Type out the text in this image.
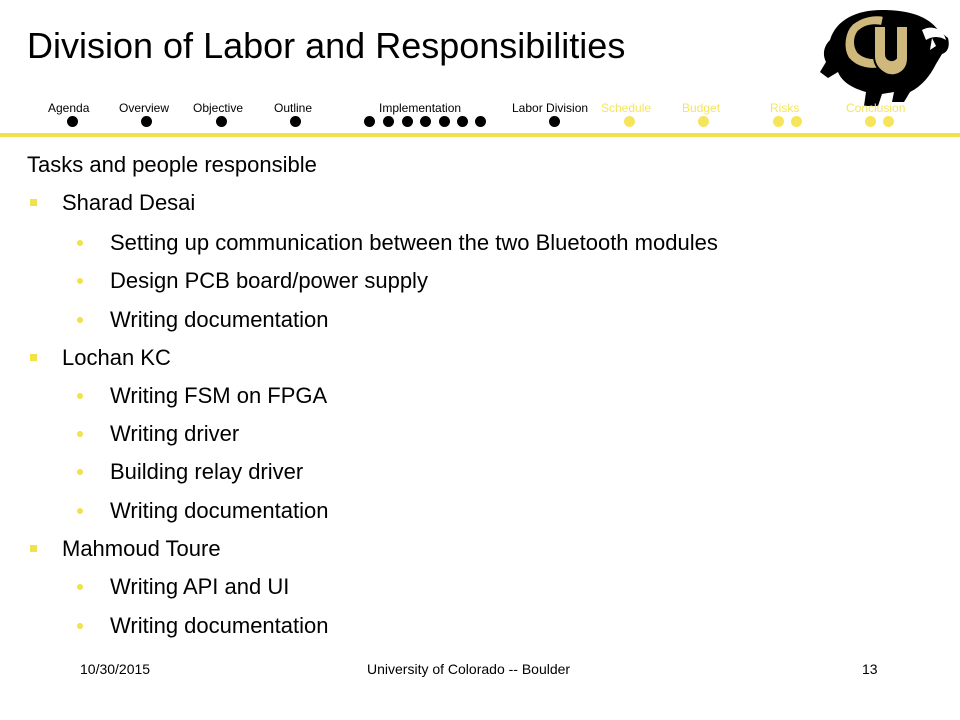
Division of Labor and Responsibilities
Agenda Overview Objective	Outline	Implementation	Labor Division Schedule	Budget	Risks	Conclusion
Tasks and people responsible
Sharad Desai
Setting up communication between the two Bluetooth modules
Design PCB board/power supply
Writing documentation
Lochan KC
Writing FSM on FPGA
Writing driver
Building relay driver
Writing documentation
Mahmoud Toure
Writing API and UI
Writing documentation
10/30/2015	University of Colorado -- Boulder	13
